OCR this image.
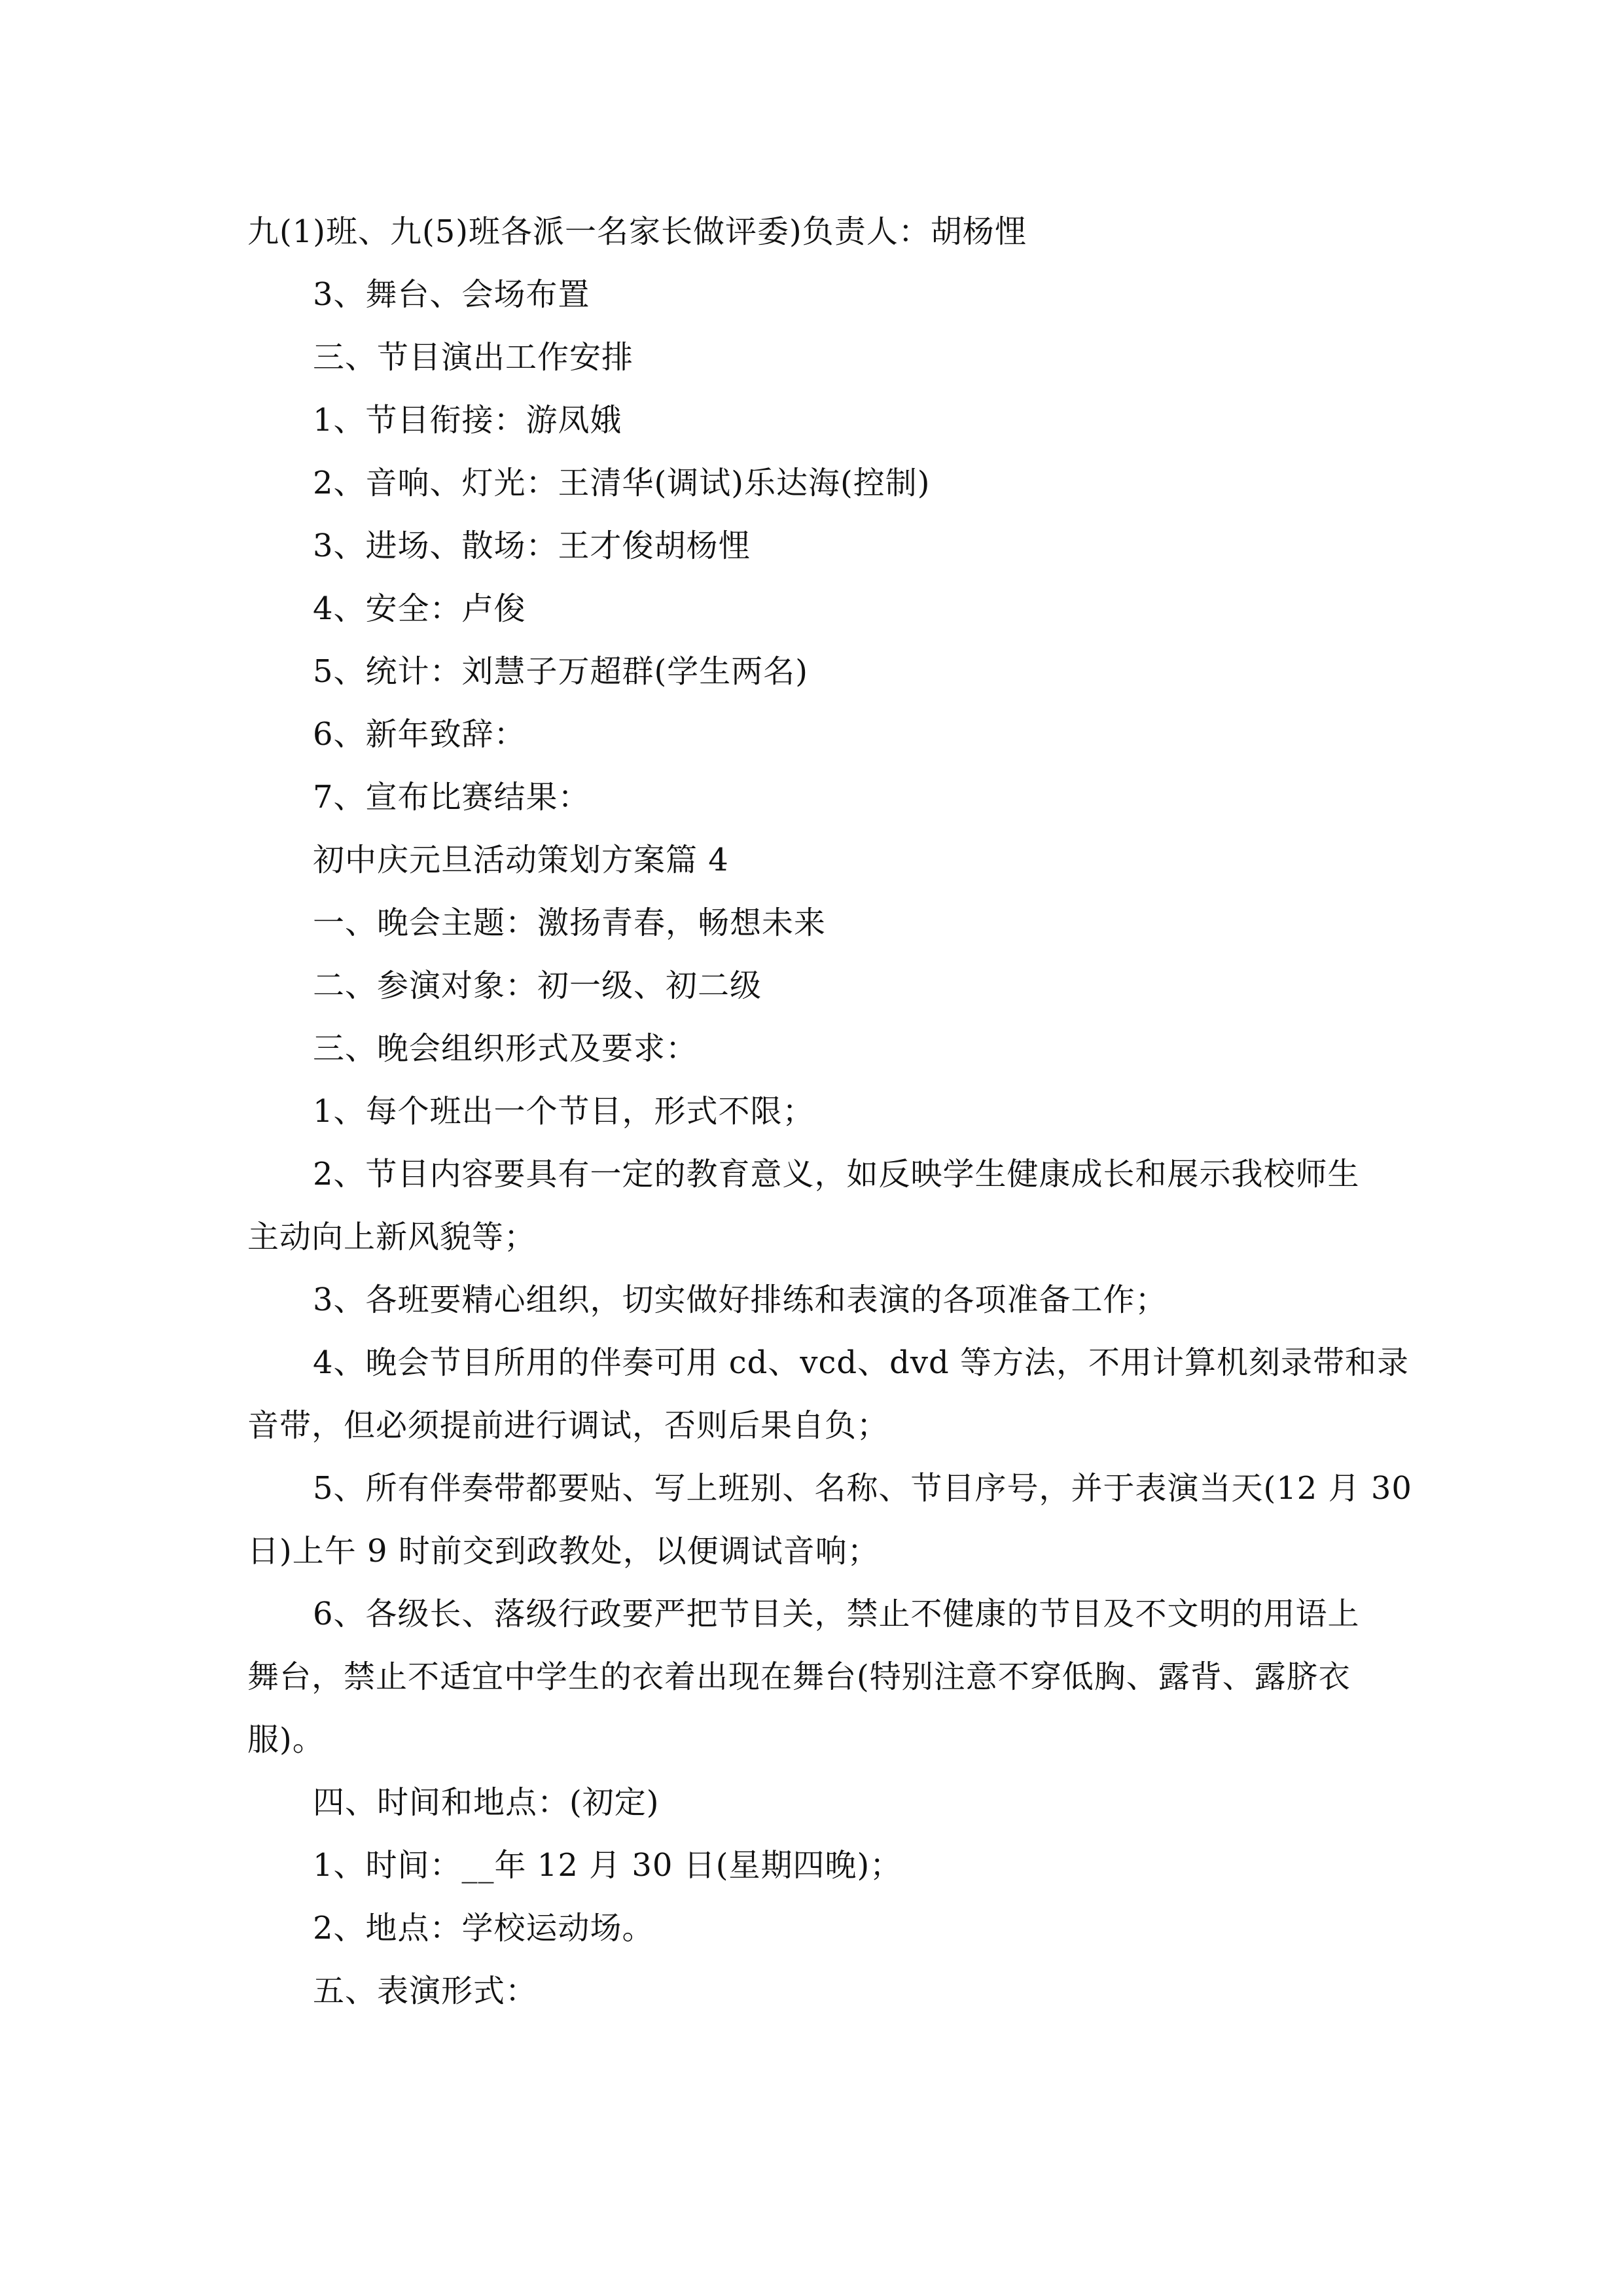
九(1)班、九(5)班各派一名家长做评委)负责人：胡杨悝
3、舞台、会场布置
三、节目演出工作安排
1、节目衔接：游凤娥
2、音响、灯光：王清华(调试)乐达海(控制)
3、进场、散场：王才俊胡杨悝
4、安全：卢俊
5、统计：刘慧子万超群(学生两名)
6、新年致辞：
7、宣布比赛结果：
初中庆元旦活动策划方案篇 4
一、晚会主题：激扬青春，畅想未来
二、参演对象：初一级、初二级
三、晚会组织形式及要求：
1、每个班出一个节目，形式不限；
2、节目内容要具有一定的教育意义，如反映学生健康成长和展示我校师生
主动向上新风貌等；
3、各班要精心组织，切实做好排练和表演的各项准备工作；
4、晚会节目所用的伴奏可用 cd、vcd、dvd 等方法，不用计算机刻录带和录
音带，但必须提前进行调试，否则后果自负；
5、所有伴奏带都要贴、写上班别、名称、节目序号，并于表演当天(12 月 30
日)上午 9 时前交到政教处，以便调试音响；
6、各级长、落级行政要严把节目关，禁止不健康的节目及不文明的用语上
舞台，禁止不适宜中学生的衣着出现在舞台(特别注意不穿低胸、露背、露脐衣
服)。
四、时间和地点：(初定)
1、时间：__年 12 月 30 日(星期四晚)；
2、地点：学校运动场。
五、表演形式：
